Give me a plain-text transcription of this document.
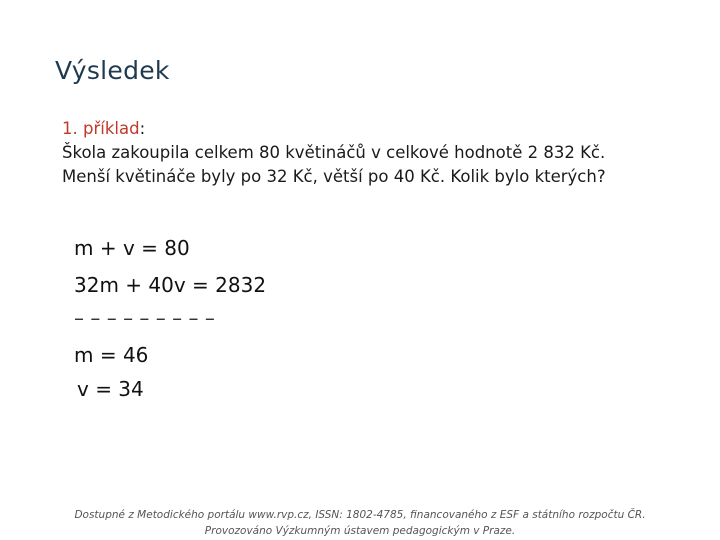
Výsledek
1. příklad:
Škola zakoupila celkem 80 květináčů v celkové hodnotě 2 832 Kč.
Menší květináče byly po 32 Kč, větší po 40 Kč. Kolik bylo kterých?
m + v = 80
32m + 40v = 2832
– – – – – – – – –
m = 46
v = 34
Dostupné z Metodického portálu www.rvp.cz, ISSN: 1802-4785, financovaného z ESF a státního rozpočtu ČR.
Provozováno Výzkumným ústavem pedagogickým v Praze.
